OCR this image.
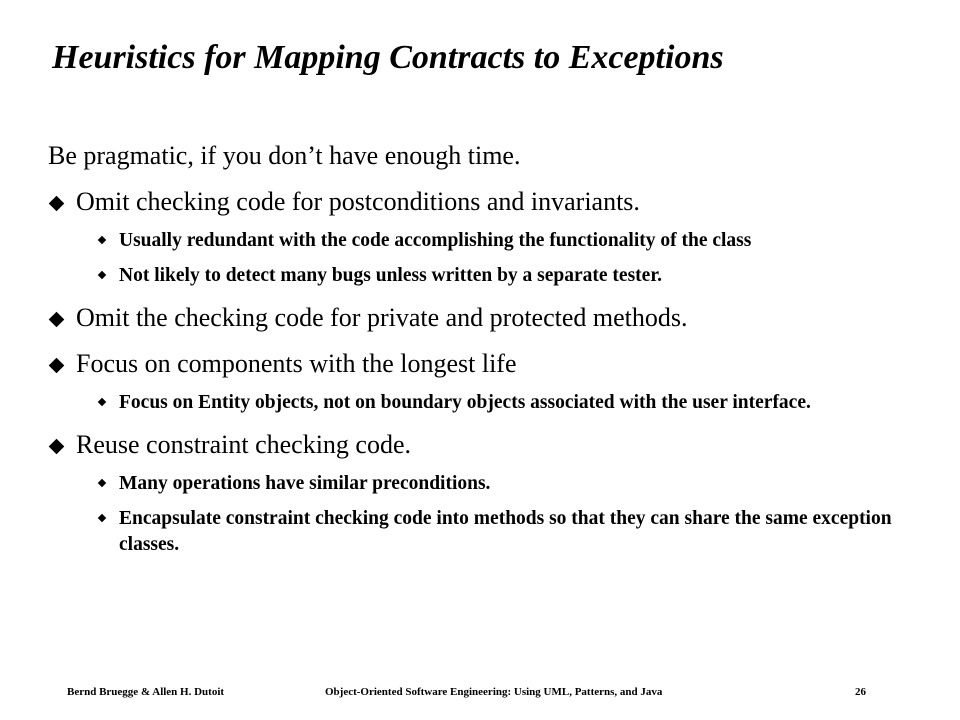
Heuristics for Mapping Contracts to Exceptions

Be pragmatic, if you don’t have enough time.

Omit checking code for postconditions and invariants.
Usually redundant with the code accomplishing the functionality of the class
Not likely to detect many bugs unless written by a separate tester.
Omit the checking code for private and protected methods.
Focus on components with the longest life
Focus on Entity objects, not on boundary objects associated with the user interface.
Reuse constraint checking code.
Many operations have similar preconditions.
Encapsulate constraint checking code into methods so that they can share the same exception classes.
Bernd Bruegge & Allen H. Dutoit	Object-Oriented Software Engineering: Using UML, Patterns, and Java	26
